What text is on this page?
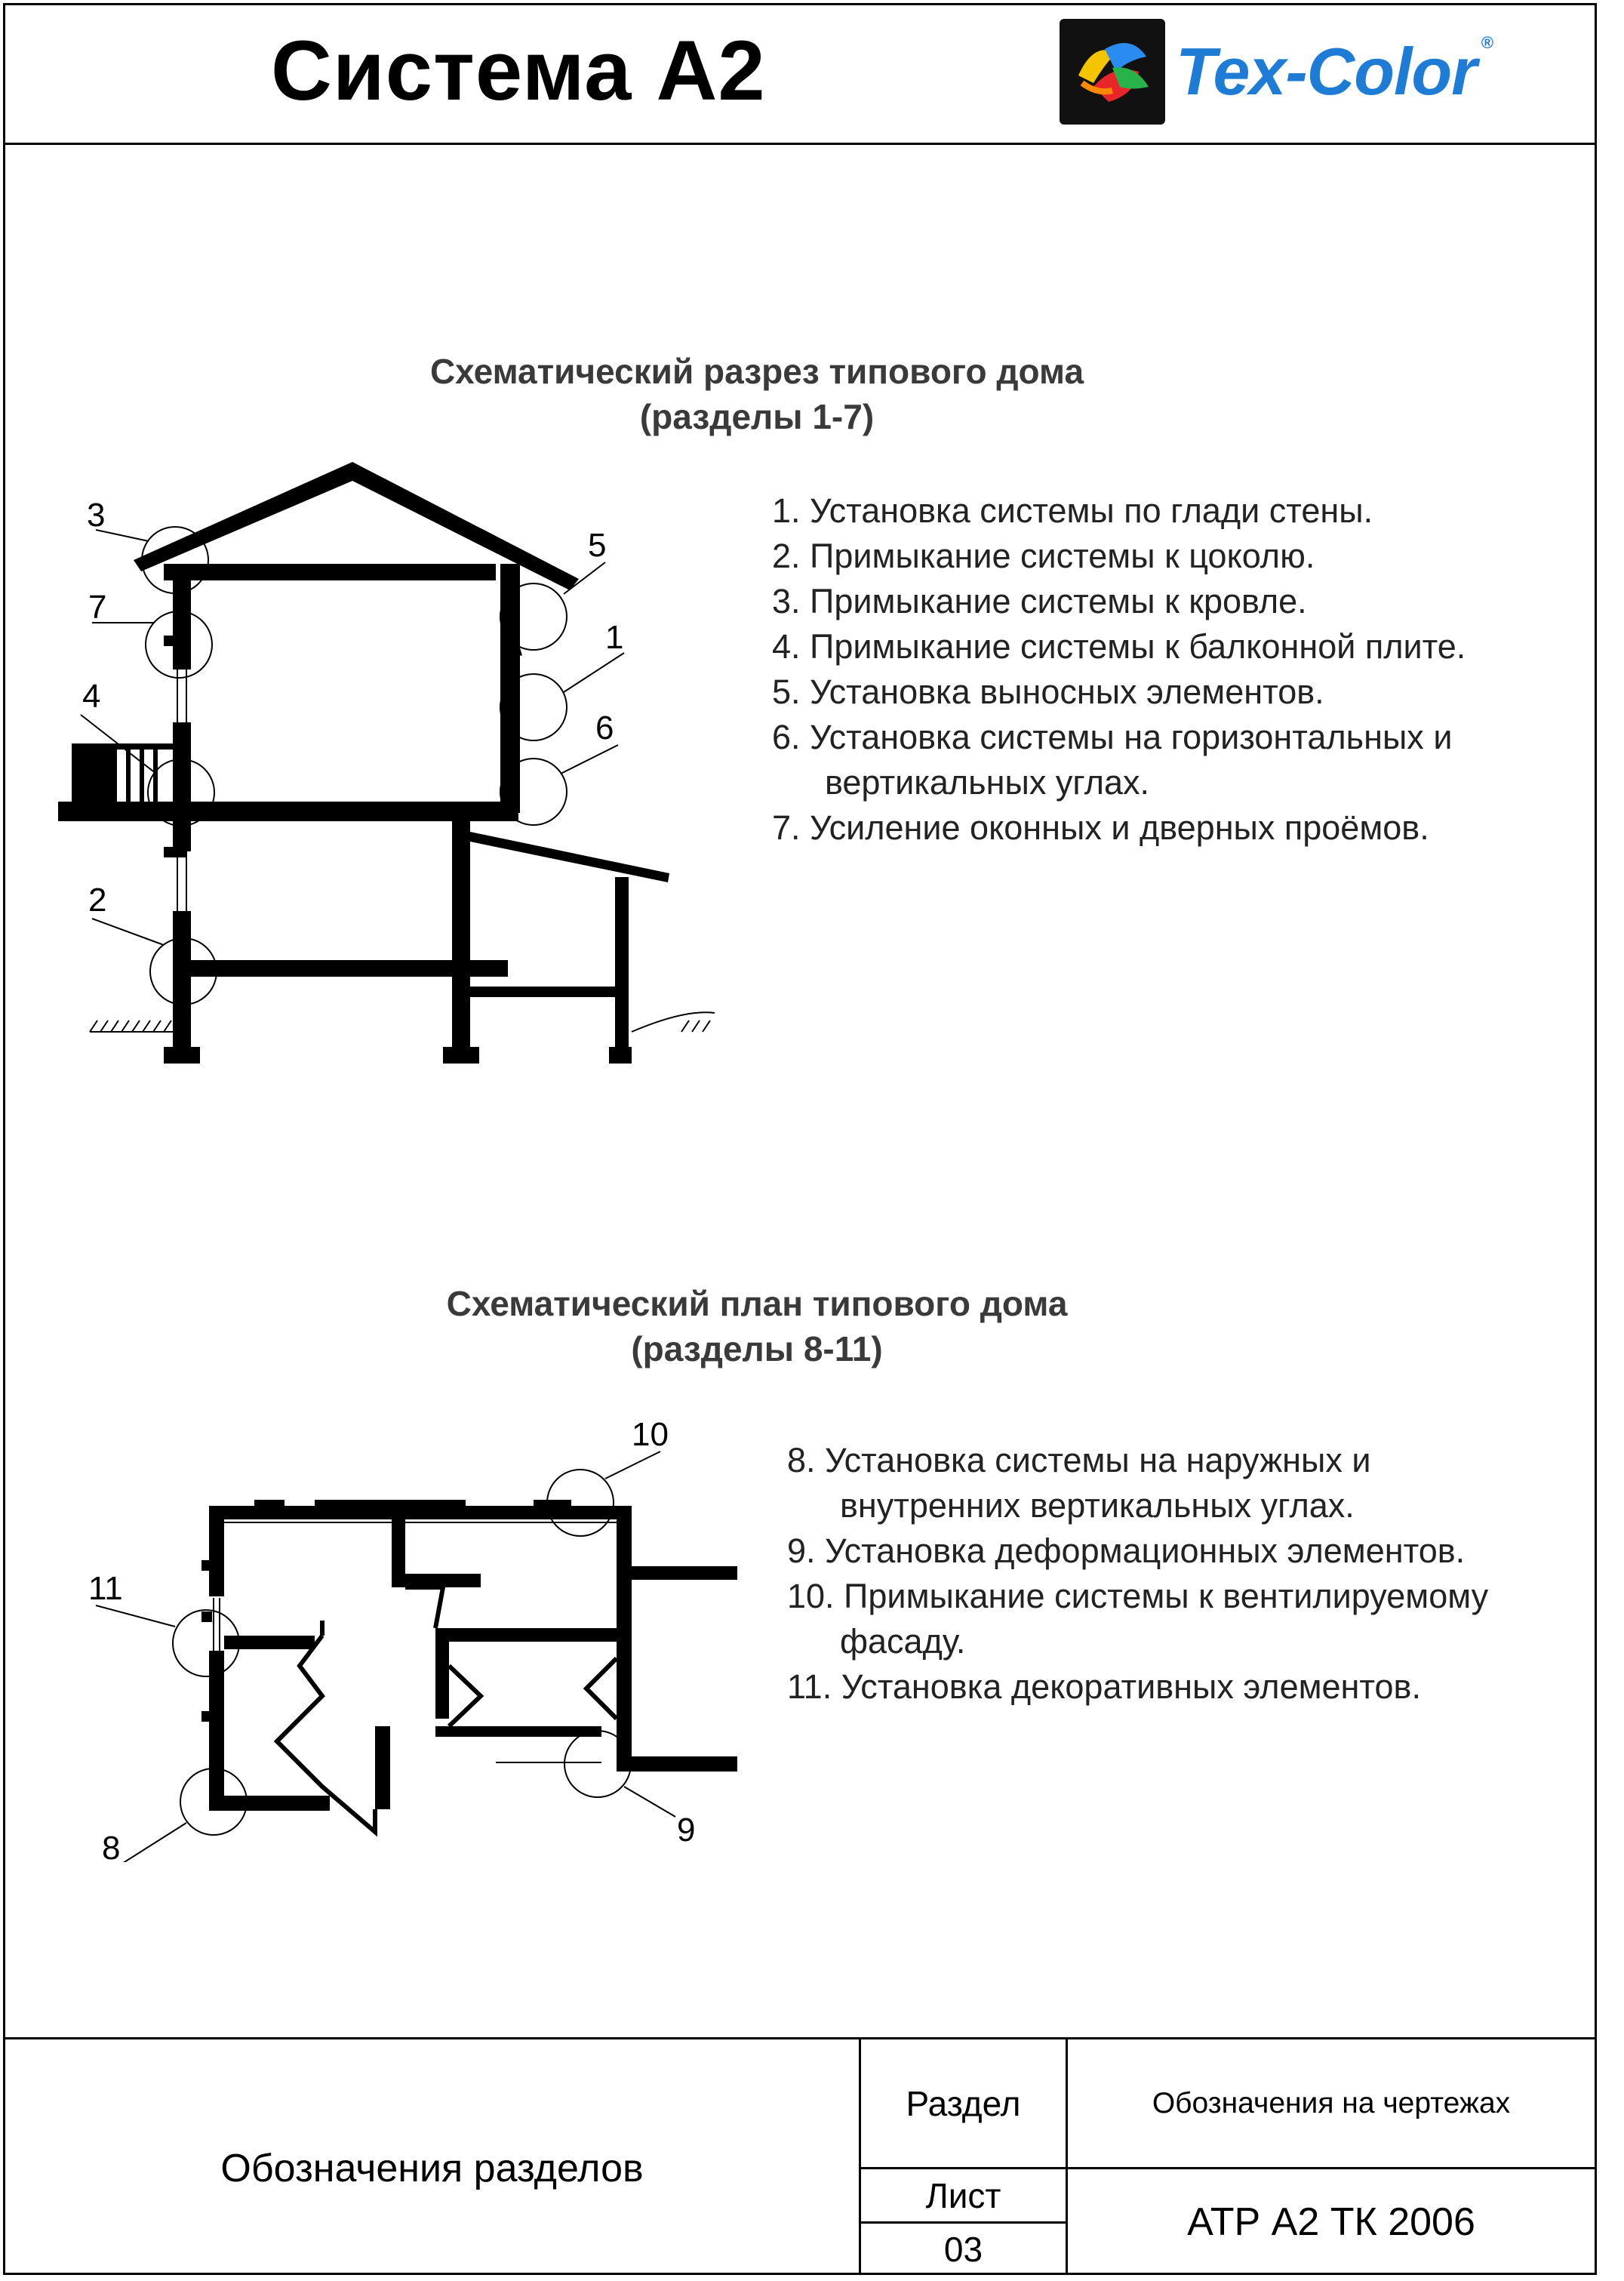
Система А2	Tex-Color ®
Схематический разрез типового дома
(разделы 1-7)
3
7
4
2
5
1
6
1. Установка системы по глади стены.
2. Примыкание системы к цоколю.
3. Примыкание системы к кровле.
4. Примыкание системы к балконной плите.
5. Установка выносных элементов.
6. Установка системы на горизонтальных и
вертикальных углах.
7. Усиление оконных и дверных проёмов.
Схематический план типового дома
(разделы 8-11)
10
11
8	9
8. Установка системы на наружных и
внутренних вертикальных углах.
9. Установка деформационных элементов.
10. Примыкание системы к вентилируемому
фасаду.
11. Установка декоративных элементов.
Обозначения разделов
Раздел	Обозначения на чертежах
Лист
03
АТР А2 ТК 2006
